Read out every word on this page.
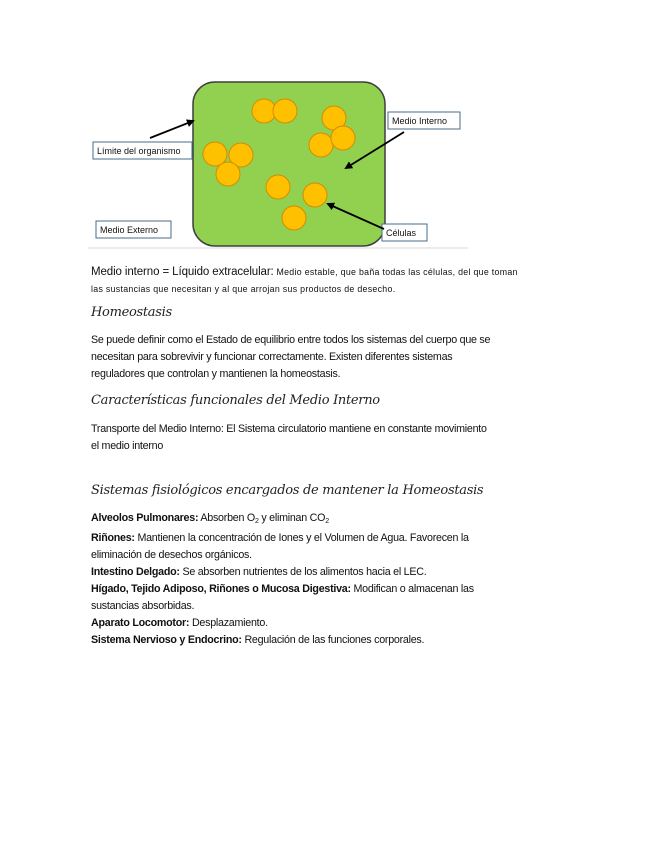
Límite del organismo
Medio Interno
Medio Externo	Células
Medio interno = Líquido extracelular: Medio estable, que baña todas las células, del que toman
las sustancias que necesitan y al que arrojan sus productos de desecho.
Homeostasis
Se puede definir como el Estado de equilibrio entre todos los sistemas del cuerpo que se
necesitan para sobrevivir y funcionar correctamente. Existen diferentes sistemas
reguladores que controlan y mantienen la homeostasis.
Características funcionales del Medio Interno
Transporte del Medio Interno: El Sistema circulatorio mantiene en constante movimiento
el medio interno
Sistemas fisiológicos encargados de mantener la Homeostasis
Alveolos Pulmonares: Absorben $O_2$ y eliminan $CO_2$
Riñones: Mantienen la concentración de Iones y el Volumen de Agua. Favorecen la
eliminación de desechos orgánicos.
Intestino Delgado: Se absorben nutrientes de los alimentos hacia el LEC.
Hígado, Tejido Adiposo, Riñones o Mucosa Digestiva: Modifican o almacenan las
sustancias absorbidas.
Aparato Locomotor: Desplazamiento.
Sistema Nervioso y Endocrino: Regulación de las funciones corporales.
